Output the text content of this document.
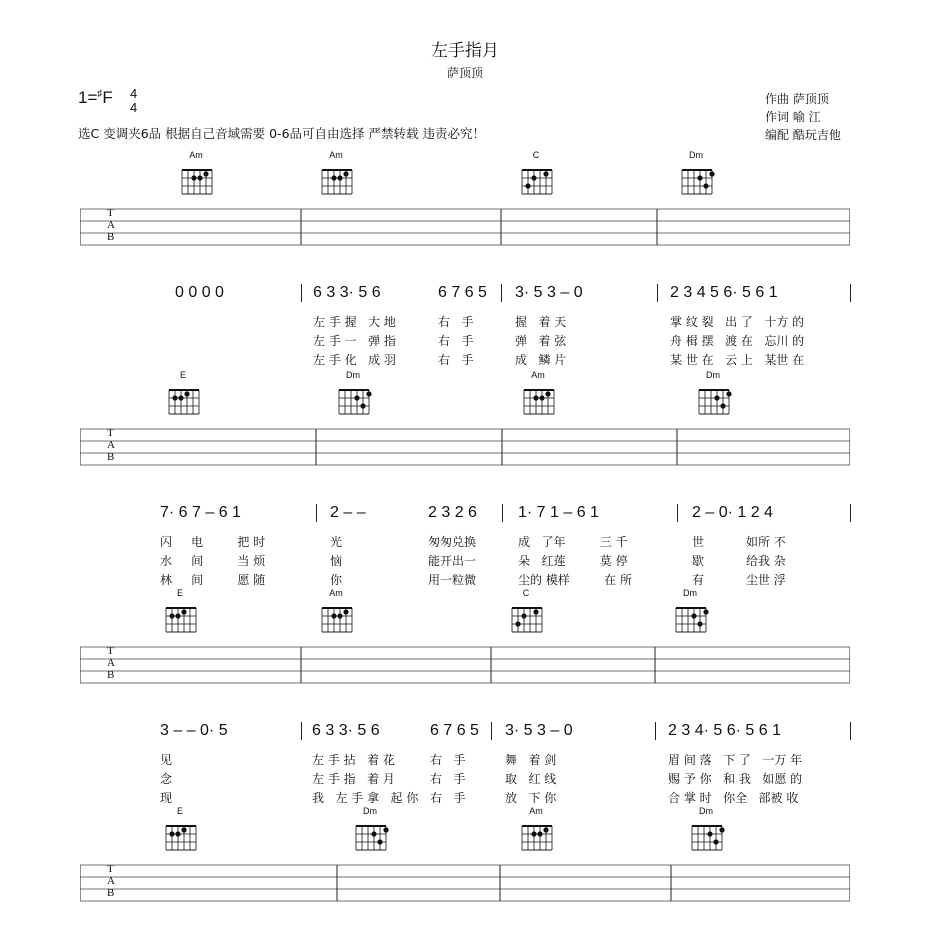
左手指月
萨顶顶
1=♯F 4
4
选C 变调夹6品 根据自己音域需要 0-6品可自由选择 严禁转载 违责必究！
作曲 萨顶顶
作词 喻 江
编配 酷玩吉他
Am	Am	C	Dm
T
A
B
0 0 0 0	6 3 3· 5 6	6 7 6 5 3· 5 3 – 0	2 3 4 5 6· 5 6 1
左 手 握   大 地	右   手	握   着 天	掌 纹 裂   出 了   十方 的
左 手 一   弹 指	右   手	弹   着 弦	舟 楫 摆   渡 在   忘川 的
左 手 化   成 羽	右   手	成   鳞 片	某 世 在   云 上   某世 在
E	Dm	Am	Dm
T
A
B
7· 6 7 – 6 1	2 – –	2 3 2 6	1· 7 1 – 6 1	2 – 0· 1 2 4
闪     电         把 时	光	匆匆兑换	成   了年         三 千	世           如所 不
水     间         当 烦	恼	能开出一	朵   红莲         莫 停	歇           给我 杂
林     间         愿 随	你	用一粒微	尘的 模样         在 所	有           尘世 浮
E	Am	C	Dm
T
A
B
3 – – 0· 5	6 3 3· 5 6	6 7 6 5 3· 5 3 – 0	2 3 4· 5 6· 5 6 1
见	左 手 拈   着 花	右   手	舞   着 剑	眉 间 落   下 了   一万 年
念	左 手 指   着 月	右   手	取   红 线	赐 予 你   和 我   如愿 的
现	我   左 手 拿   起 你 右   手	放   下 你	合 掌 时   你全   部被 收
E	Dm	Am	Dm
T
A
B
